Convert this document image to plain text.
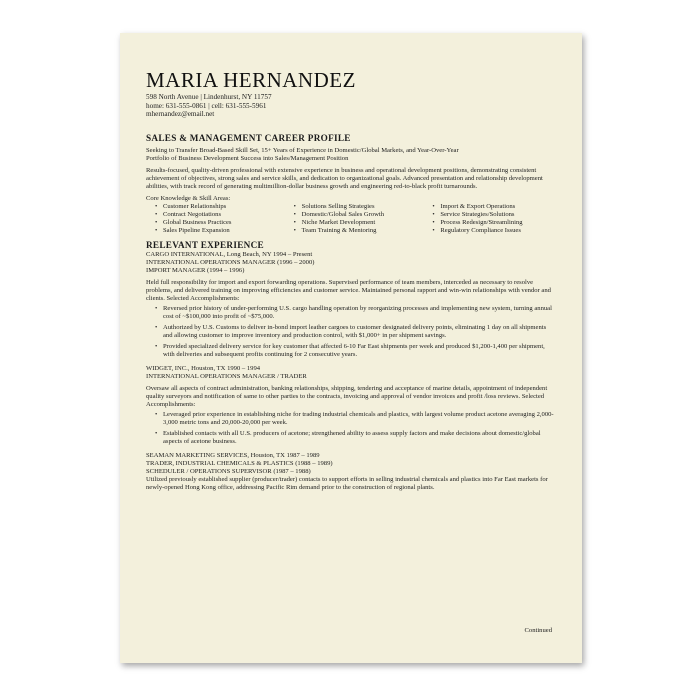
MARIA HERNANDEZ
598 North Avenue | Lindenhurst, NY 11757
home: 631-555-0861 | cell: 631-555-5961
mhernandez@email.net
SALES & MANAGEMENT CAREER PROFILE

Seeking to Transfer Broad-Based Skill Set, 15+ Years of Experience in Domestic/Global Markets, and Year-Over-Year
Portfolio of Business Development Success into Sales/Management Position

Results-focused, quality-driven professional with extensive experience in business and operational development positions, demonstrating consistent achievement of objectives, strong sales and service skills, and dedication to organizational goals. Advanced presentation and relationship development abilities, with track record of generating multimillion-dollar business growth and engineering red-to-black profit turnarounds.

Core Knowledge & Skill Areas:

• Customer Relationships
• Contract Negotiations
• Global Business Practices
• Sales Pipeline Expansion
• Solutions Selling Strategies
• Domestic/Global Sales Growth
• Niche Market Development
• Team Training & Mentoring
• Import & Export Operations
• Service Strategies/Solutions
• Process Redesign/Streamlining
• Regulatory Compliance Issues
RELEVANT EXPERIENCE
CARGO INTERNATIONAL, Long Beach, NY 1994 – Present
INTERNATIONAL OPERATIONS MANAGER (1996 – 2000)
IMPORT MANAGER (1994 – 1996)

Held full responsibility for import and export forwarding operations. Supervised performance of team members, interceded as necessary to resolve problems, and delivered training on improving efficiencies and customer service. Maintained personal rapport and win-win relationships with vendor and clients. Selected Accomplishments:

• Reversed prior history of under-performing U.S. cargo handling operation by reorganizing processes and implementing new system, turning annual cost of ~$100,000 into profit of ~$75,000.
• Authorized by U.S. Customs to deliver in-bond import leather cargoes to customer designated delivery points, eliminating 1 day on all shipments and allowing customer to improve inventory and production control, with $1,000+ in per shipment savings.
• Provided specialized delivery service for key customer that affected 6-10 Far East shipments per week and produced $1,200-1,400 per shipment, with deliveries and subsequent profits continuing for 2 consecutive years.
WIDGET, INC., Houston, TX 1990 – 1994
INTERNATIONAL OPERATIONS MANAGER / TRADER

Oversaw all aspects of contract administration, banking relationships, shipping, tendering and acceptance of marine details, appointment of independent quality surveyors and notification of same to other parties to the contracts, invoicing and approval of vendor invoices and profit /loss reviews. Selected Accomplishments:

• Leveraged prior experience in establishing niche for trading industrial chemicals and plastics, with largest volume product acetone averaging 2,000-3,000 metric tons and 20,000-20,000 per week.
• Established contacts with all U.S. producers of acetone; strengthened ability to assess supply factors and make decisions about domestic/global aspects of acetone business.
SEAMAN MARKETING SERVICES, Houston, TX 1987 – 1989
TRADER, INDUSTRIAL CHEMICALS & PLASTICS (1988 – 1989)
SCHEDULER / OPERATIONS SUPERVISOR (1987 – 1988)

Utilized previously established supplier (producer/trader) contacts to support efforts in selling industrial chemicals and plastics into Far East markets for newly-opened Hong Kong office, addressing Pacific Rim demand prior to the construction of regional plants.

Continued
